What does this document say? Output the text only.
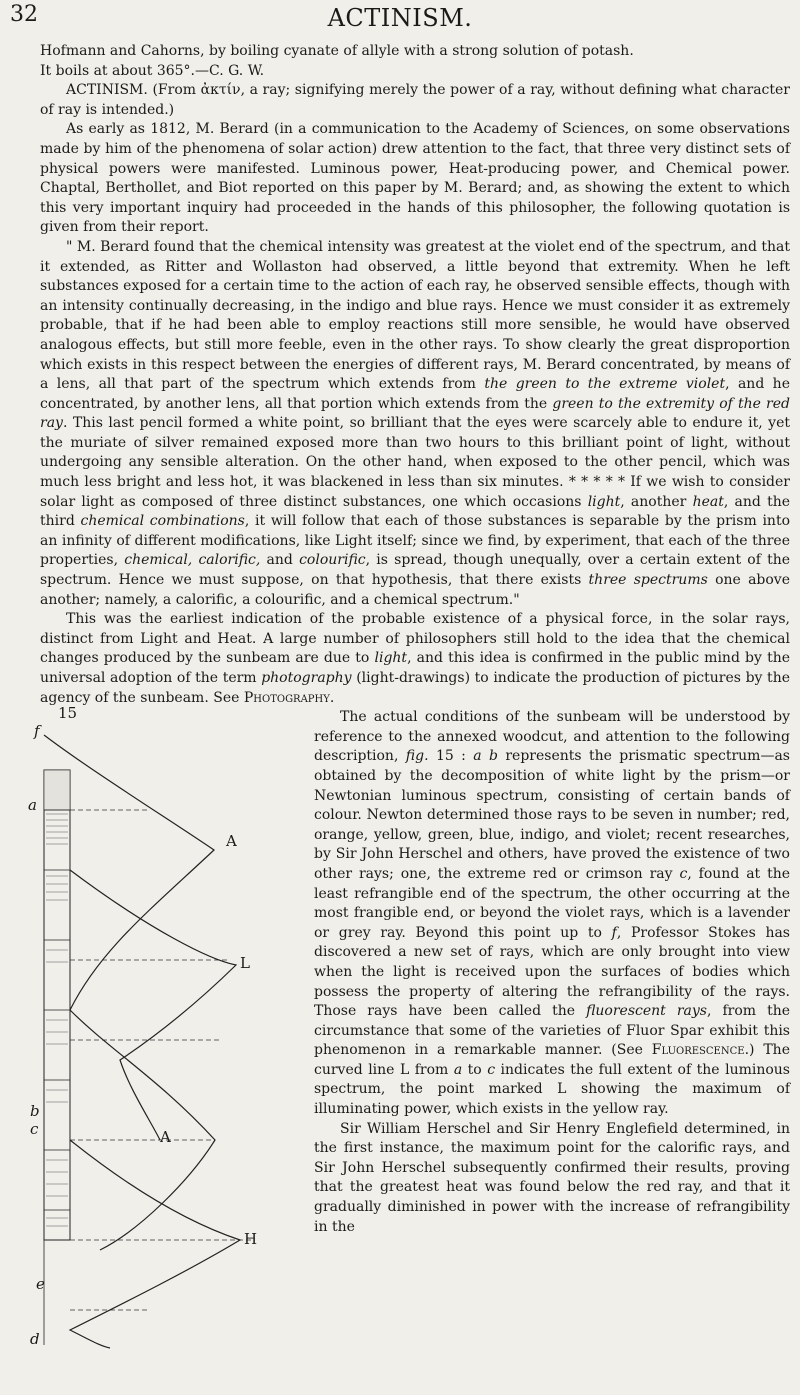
32	ACTINISM.

Hofmann and Cahorns, by boiling cyanate of allyle with a strong solution of potash.
It boils at about 365°.—C. G. W.

ACTINISM. (From ἀκτίν, a ray; signifying merely the power of a ray, without defining what character of ray is intended.)

As early as 1812, M. Berard (in a communication to the Academy of Sciences, on some observations made by him of the phenomena of solar action) drew attention to the fact, that three very distinct sets of physical powers were manifested. Luminous power, Heat-producing power, and Chemical power. Chaptal, Berthollet, and Biot reported on this paper by M. Berard; and, as showing the extent to which this very important inquiry had proceeded in the hands of this philosopher, the following quotation is given from their report.

" M. Berard found that the chemical intensity was greatest at the violet end of the spectrum, and that it extended, as Ritter and Wollaston had observed, a little beyond that extremity. When he left substances exposed for a certain time to the action of each ray, he observed sensible effects, though with an intensity continually decreasing, in the indigo and blue rays. Hence we must consider it as extremely probable, that if he had been able to employ reactions still more sensible, he would have observed analogous effects, but still more feeble, even in the other rays. To show clearly the great disproportion which exists in this respect between the energies of different rays, M. Berard concentrated, by means of a lens, all that part of the spectrum which extends from the green to the extreme violet, and he concentrated, by another lens, all that portion which extends from the green to the extremity of the red ray. This last pencil formed a white point, so brilliant that the eyes were scarcely able to endure it, yet the muriate of silver remained exposed more than two hours to this brilliant point of light, without undergoing any sensible alteration. On the other hand, when exposed to the other pencil, which was much less bright and less hot, it was blackened in less than six minutes. * * * * * If we wish to consider solar light as composed of three distinct substances, one which occasions light, another heat, and the third chemical combinations, it will follow that each of those substances is separable by the prism into an infinity of different modifications, like Light itself; since we find, by experiment, that each of the three properties, chemical, calorific, and colourific, is spread, though unequally, over a certain extent of the spectrum. Hence we must suppose, on that hypothesis, that there exists three spectrums one above another; namely, a calorific, a colourific, and a chemical spectrum."

This was the earliest indication of the probable existence of a physical force, in the solar rays, distinct from Light and Heat. A large number of philosophers still hold to the idea that the chemical changes produced by the sunbeam are due to light, and this idea is confirmed in the public mind by the universal adoption of the term photography (light-drawings) to indicate the production of pictures by the agency of the sunbeam. See Photography.

15
f
a
A
L
b
c	A
H
e
d

The actual conditions of the sunbeam will be understood by reference to the annexed woodcut, and attention to the following description, fig. 15 : a b represents the prismatic spectrum—as obtained by the decomposition of white light by the prism—or Newtonian luminous spectrum, consisting of certain bands of colour. Newton determined those rays to be seven in number; red, orange, yellow, green, blue, indigo, and violet; recent researches, by Sir John Herschel and others, have proved the existence of two other rays; one, the extreme red or crimson ray c, found at the least refrangible end of the spectrum, the other occurring at the most frangible end, or beyond the violet rays, which is a lavender or grey ray. Beyond this point up to f, Professor Stokes has discovered a new set of rays, which are only brought into view when the light is received upon the surfaces of bodies which possess the property of altering the refrangibility of the rays. Those rays have been called the fluorescent rays, from the circumstance that some of the varieties of Fluor Spar exhibit this phenomenon in a remarkable manner. (See Fluorescence.) The curved line L from a to c indicates the full extent of the luminous spectrum, the point marked L showing the maximum of illuminating power, which exists in the yellow ray.

Sir William Herschel and Sir Henry Englefield determined, in the first instance, the maximum point for the calorific rays, and Sir John Herschel subsequently confirmed their results, proving that the greatest heat was found below the red ray, and that it gradually diminished in power with the increase of refrangibility in the
